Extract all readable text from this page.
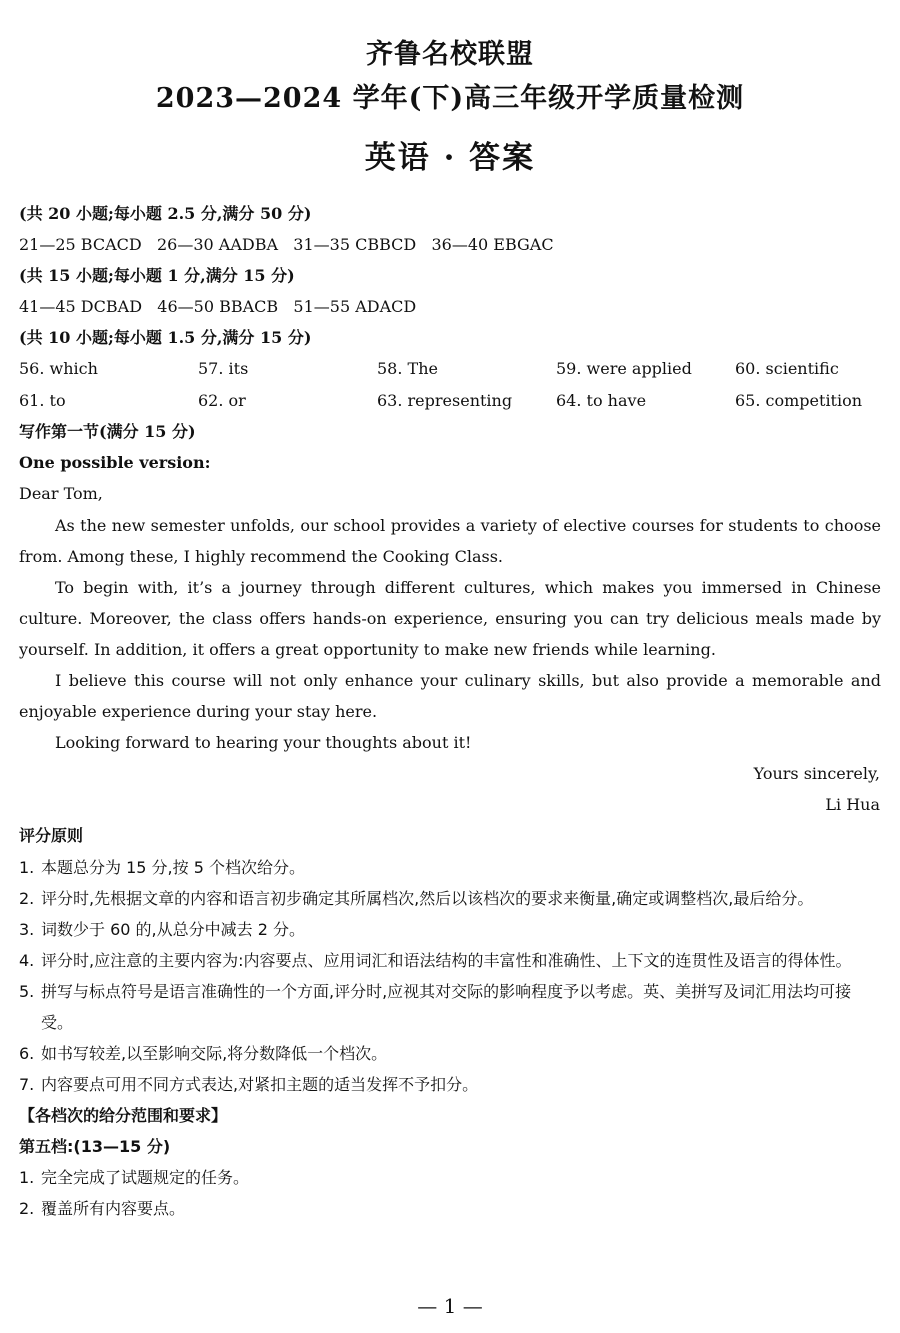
齐鲁名校联盟
2023—2024 学年(下)高三年级开学质量检测
英语 · 答案
(共 20 小题;每小题 2.5 分,满分 50 分)
21—25 BCACD   26—30 AADBA   31—35 CBBCD   36—40 EBGAC
(共 15 小题;每小题 1 分,满分 15 分)
41—45 DCBAD   46—50 BBACB   51—55 ADACD
(共 10 小题;每小题 1.5 分,满分 15 分)
56. which	57. its	58. The	59. were applied	60. scientific
61. to	62. or	63. representing	64. to have	65. competition
写作第一节(满分 15 分)
One possible version:
Dear Tom,
As the new semester unfolds, our school provides a variety of elective courses for students to choose from. Among these, I highly recommend the Cooking Class.
To begin with, it’s a journey through different cultures, which makes you immersed in Chinese culture. Moreover, the class offers hands-on experience, ensuring you can try delicious meals made by yourself. In addition, it offers a great opportunity to make new friends while learning.
I believe this course will not only enhance your culinary skills, but also provide a memorable and enjoyable experience during your stay here.
Looking forward to hearing your thoughts about it!
Yours sincerely,
Li Hua
评分原则
1. 本题总分为 15 分,按 5 个档次给分。
2. 评分时,先根据文章的内容和语言初步确定其所属档次,然后以该档次的要求来衡量,确定或调整档次,最后给分。
3. 词数少于 60 的,从总分中减去 2 分。
4. 评分时,应注意的主要内容为:内容要点、应用词汇和语法结构的丰富性和准确性、上下文的连贯性及语言的得体性。
5. 拼写与标点符号是语言准确性的一个方面,评分时,应视其对交际的影响程度予以考虑。英、美拼写及词汇用法均可接受。
6. 如书写较差,以至影响交际,将分数降低一个档次。
7. 内容要点可用不同方式表达,对紧扣主题的适当发挥不予扣分。
【各档次的给分范围和要求】
第五档:(13—15 分)
1. 完全完成了试题规定的任务。
2. 覆盖所有内容要点。
— 1 —
